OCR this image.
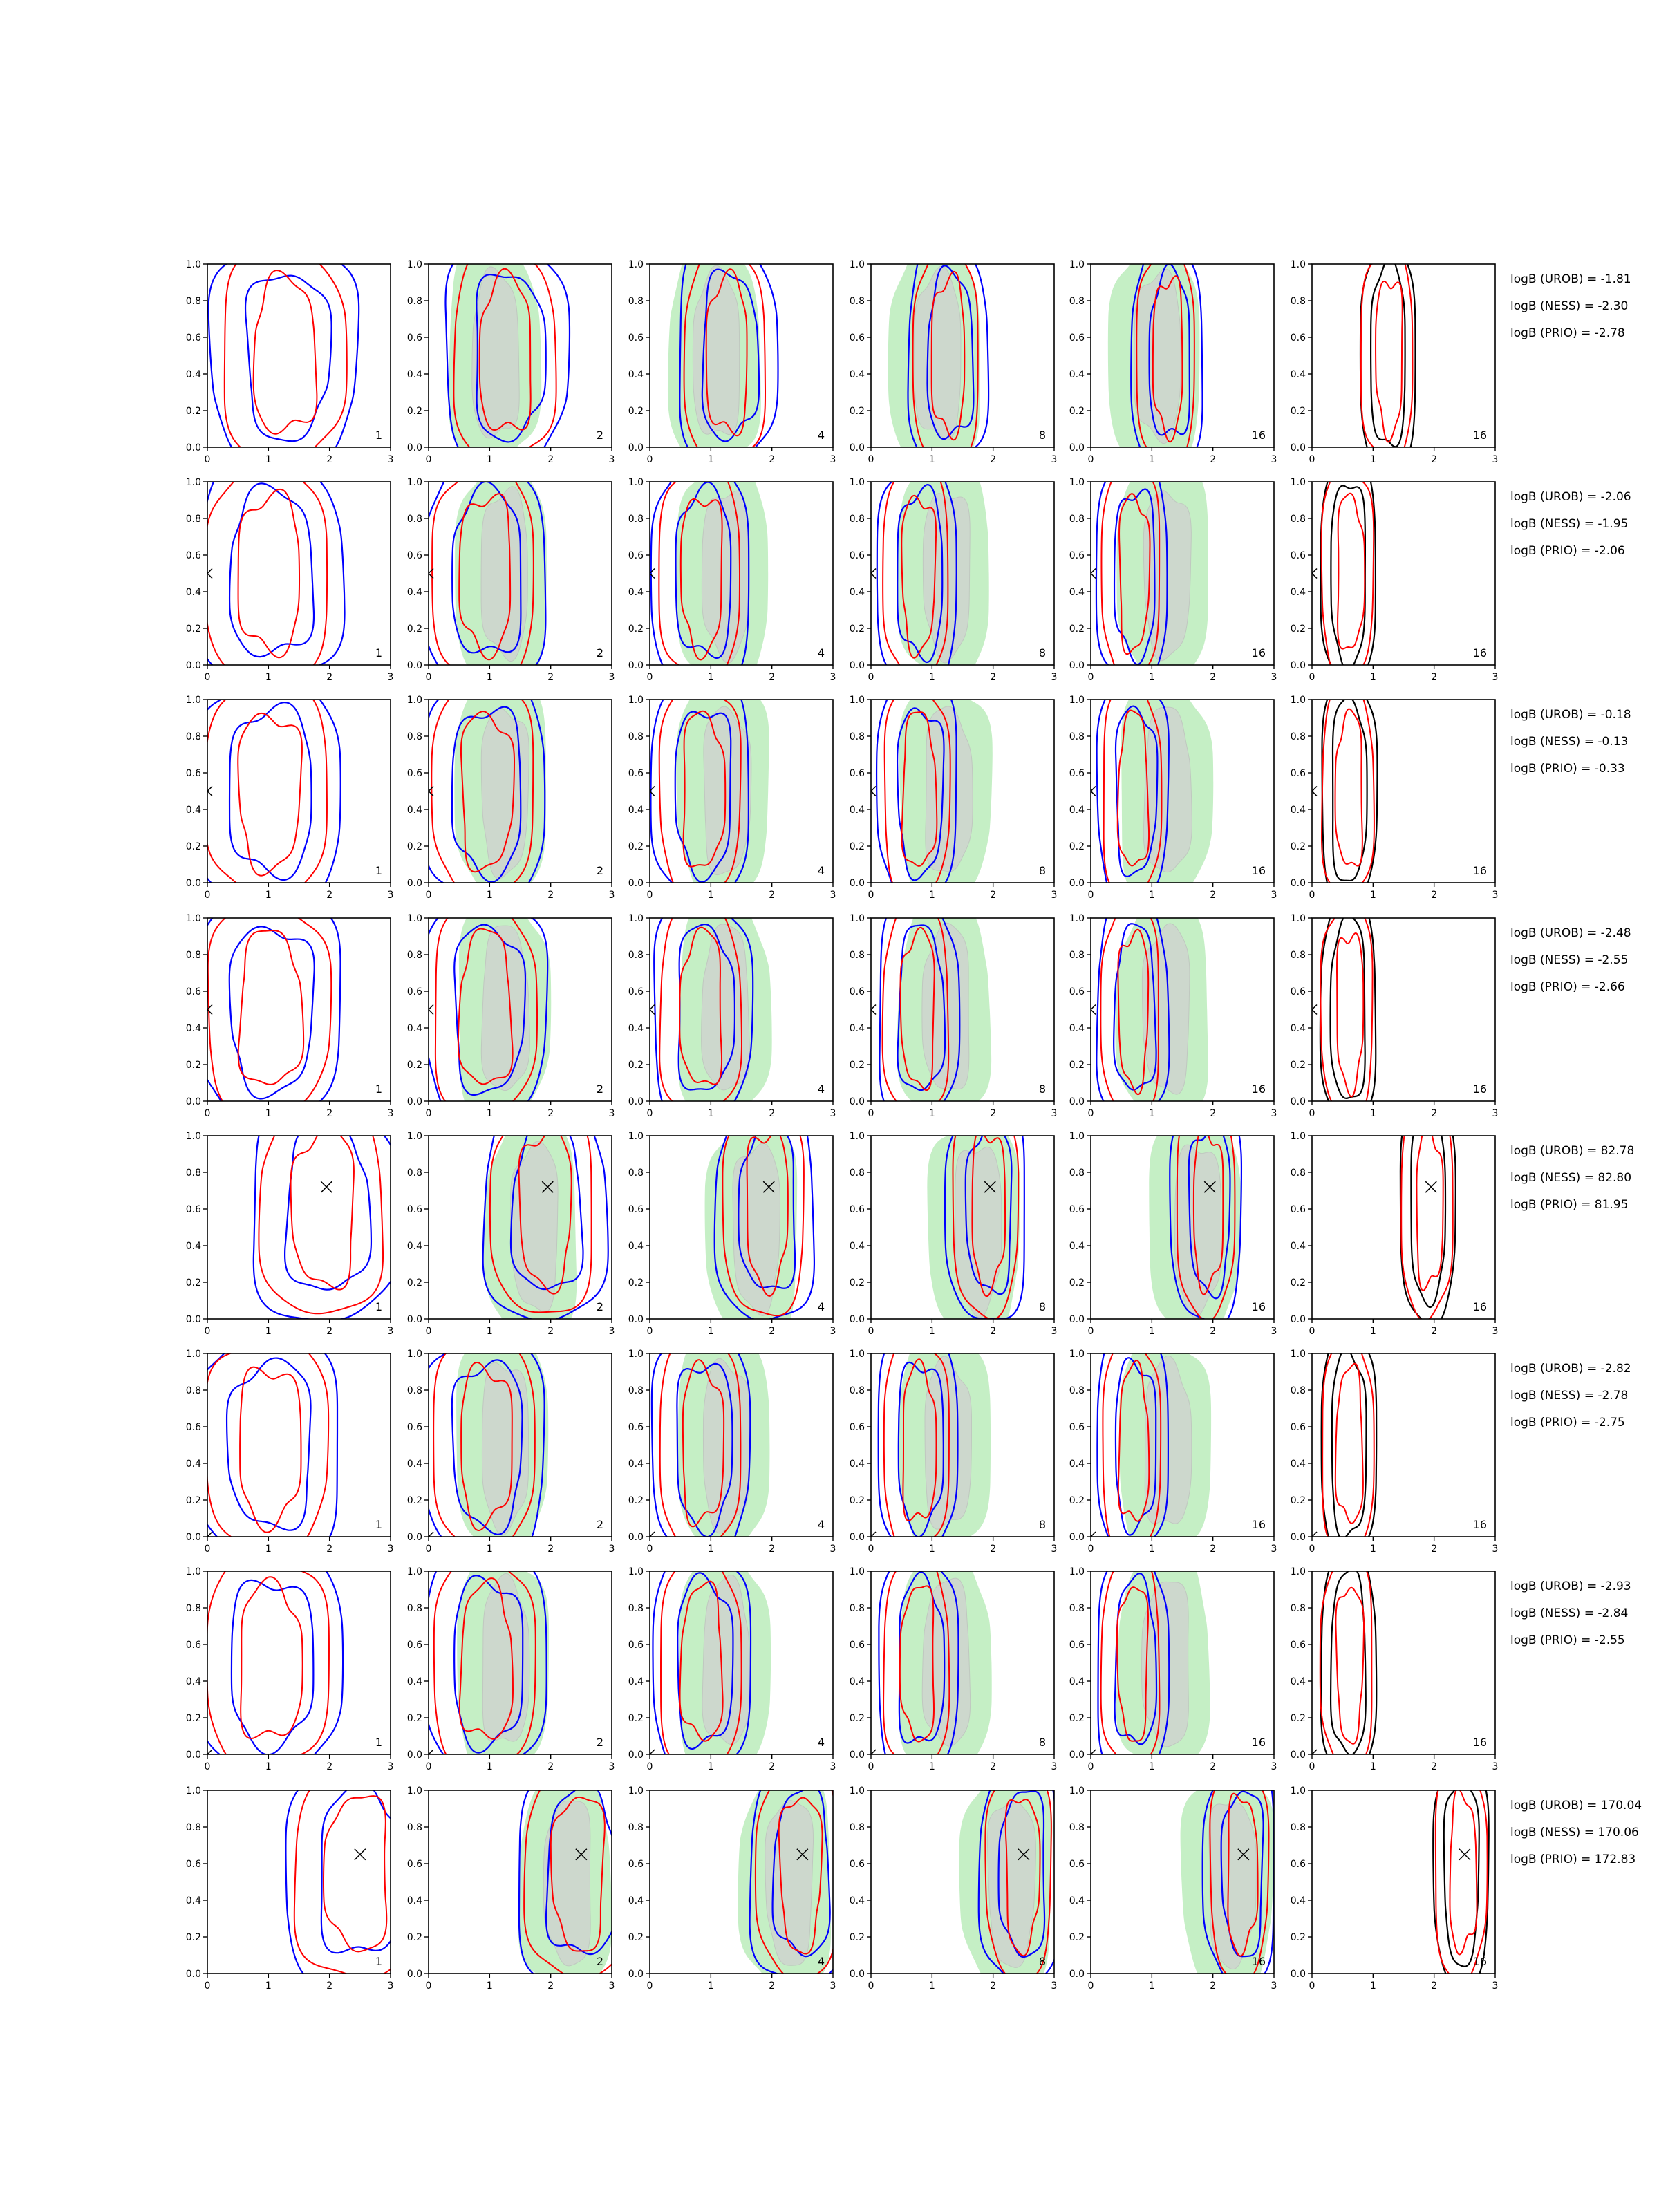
0.0
0.2
0.4
0.6
0.8
1.0
0	1	2	3
1
0.0
0.2
0.4
0.6
0.8
1.0
0	1	2	3
2
0.0
0.2
0.4
0.6
0.8
1.0
0	1	2	3
4
0.0
0.2
0.4
0.6
0.8
1.0
0	1	2	3
8
0.0
0.2
0.4
0.6
0.8
1.0
0	1	2	3
16
0.0
0.2
0.4
0.6
0.8
1.0
0	1	2	3
16
0.0
0.2
0.4
0.6
0.8
1.0
0	1	2	3
1
0.0
0.2
0.4
0.6
0.8
1.0
0	1	2	3
2
0.0
0.2
0.4
0.6
0.8
1.0
0	1	2	3
4
0.0
0.2
0.4
0.6
0.8
1.0
0	1	2	3
8
0.0
0.2
0.4
0.6
0.8
1.0
0	1	2	3
16
0.0
0.2
0.4
0.6
0.8
1.0
0	1	2	3
16
0.0
0.2
0.4
0.6
0.8
1.0
0	1	2	3
1
0.0
0.2
0.4
0.6
0.8
1.0
0	1	2	3
2
0.0
0.2
0.4
0.6
0.8
1.0
0	1	2	3
4
0.0
0.2
0.4
0.6
0.8
1.0
0	1	2	3
8
0.0
0.2
0.4
0.6
0.8
1.0
0	1	2	3
16
0.0
0.2
0.4
0.6
0.8
1.0
0	1	2	3
16
0.0
0.2
0.4
0.6
0.8
1.0
0	1	2	3
1
0.0
0.2
0.4
0.6
0.8
1.0
0	1	2	3
2
0.0
0.2
0.4
0.6
0.8
1.0
0	1	2	3
4
0.0
0.2
0.4
0.6
0.8
1.0
0	1	2	3
8
0.0
0.2
0.4
0.6
0.8
1.0
0	1	2	3
16
0.0
0.2
0.4
0.6
0.8
1.0
0	1	2	3
16
0.0
0.2
0.4
0.6
0.8
1.0
0	1	2	3
1
0.0
0.2
0.4
0.6
0.8
1.0
0	1	2	3
2
0.0
0.2
0.4
0.6
0.8
1.0
0	1	2	3
4
0.0
0.2
0.4
0.6
0.8
1.0
0	1	2	3
8
0.0
0.2
0.4
0.6
0.8
1.0
0	1	2	3
16
0.0
0.2
0.4
0.6
0.8
1.0
0	1	2	3
16
0.0
0.2
0.4
0.6
0.8
1.0
0	1	2	3
1
0.0
0.2
0.4
0.6
0.8
1.0
0	1	2	3
2
0.0
0.2
0.4
0.6
0.8
1.0
0	1	2	3
4
0.0
0.2
0.4
0.6
0.8
1.0
0	1	2	3
8
0.0
0.2
0.4
0.6
0.8
1.0
0	1	2	3
16
0.0
0.2
0.4
0.6
0.8
1.0
0	1	2	3
16
0.0
0.2
0.4
0.6
0.8
1.0
0	1	2	3
1
0.0
0.2
0.4
0.6
0.8
1.0
0	1	2	3
2
0.0
0.2
0.4
0.6
0.8
1.0
0	1	2	3
4
0.0
0.2
0.4
0.6
0.8
1.0
0	1	2	3
8
0.0
0.2
0.4
0.6
0.8
1.0
0	1	2	3
16
0.0
0.2
0.4
0.6
0.8
1.0
0	1	2	3
16
0.0
0.2
0.4
0.6
0.8
1.0
0	1	2	3
1
0.0
0.2
0.4
0.6
0.8
1.0
0	1	2	3
2
0.0
0.2
0.4
0.6
0.8
1.0
0	1	2	3
4
0.0
0.2
0.4
0.6
0.8
1.0
0	1	2	3
8
0.0
0.2
0.4
0.6
0.8
1.0
0	1	2	3
16
0.0
0.2
0.4
0.6
0.8
1.0
0	1	2	3
16
logB (UROB) = -1.81
logB (NESS) = -2.30
logB (PRIO) = -2.78
logB (UROB) = -2.06
logB (NESS) = -1.95
logB (PRIO) = -2.06
logB (UROB) = -0.18
logB (NESS) = -0.13
logB (PRIO) = -0.33
logB (UROB) = -2.48
logB (NESS) = -2.55
logB (PRIO) = -2.66
logB (UROB) = 82.78
logB (NESS) = 82.80
logB (PRIO) = 81.95
logB (UROB) = -2.82
logB (NESS) = -2.78
logB (PRIO) = -2.75
logB (UROB) = -2.93
logB (NESS) = -2.84
logB (PRIO) = -2.55
logB (UROB) = 170.04
logB (NESS) = 170.06
logB (PRIO) = 172.83
